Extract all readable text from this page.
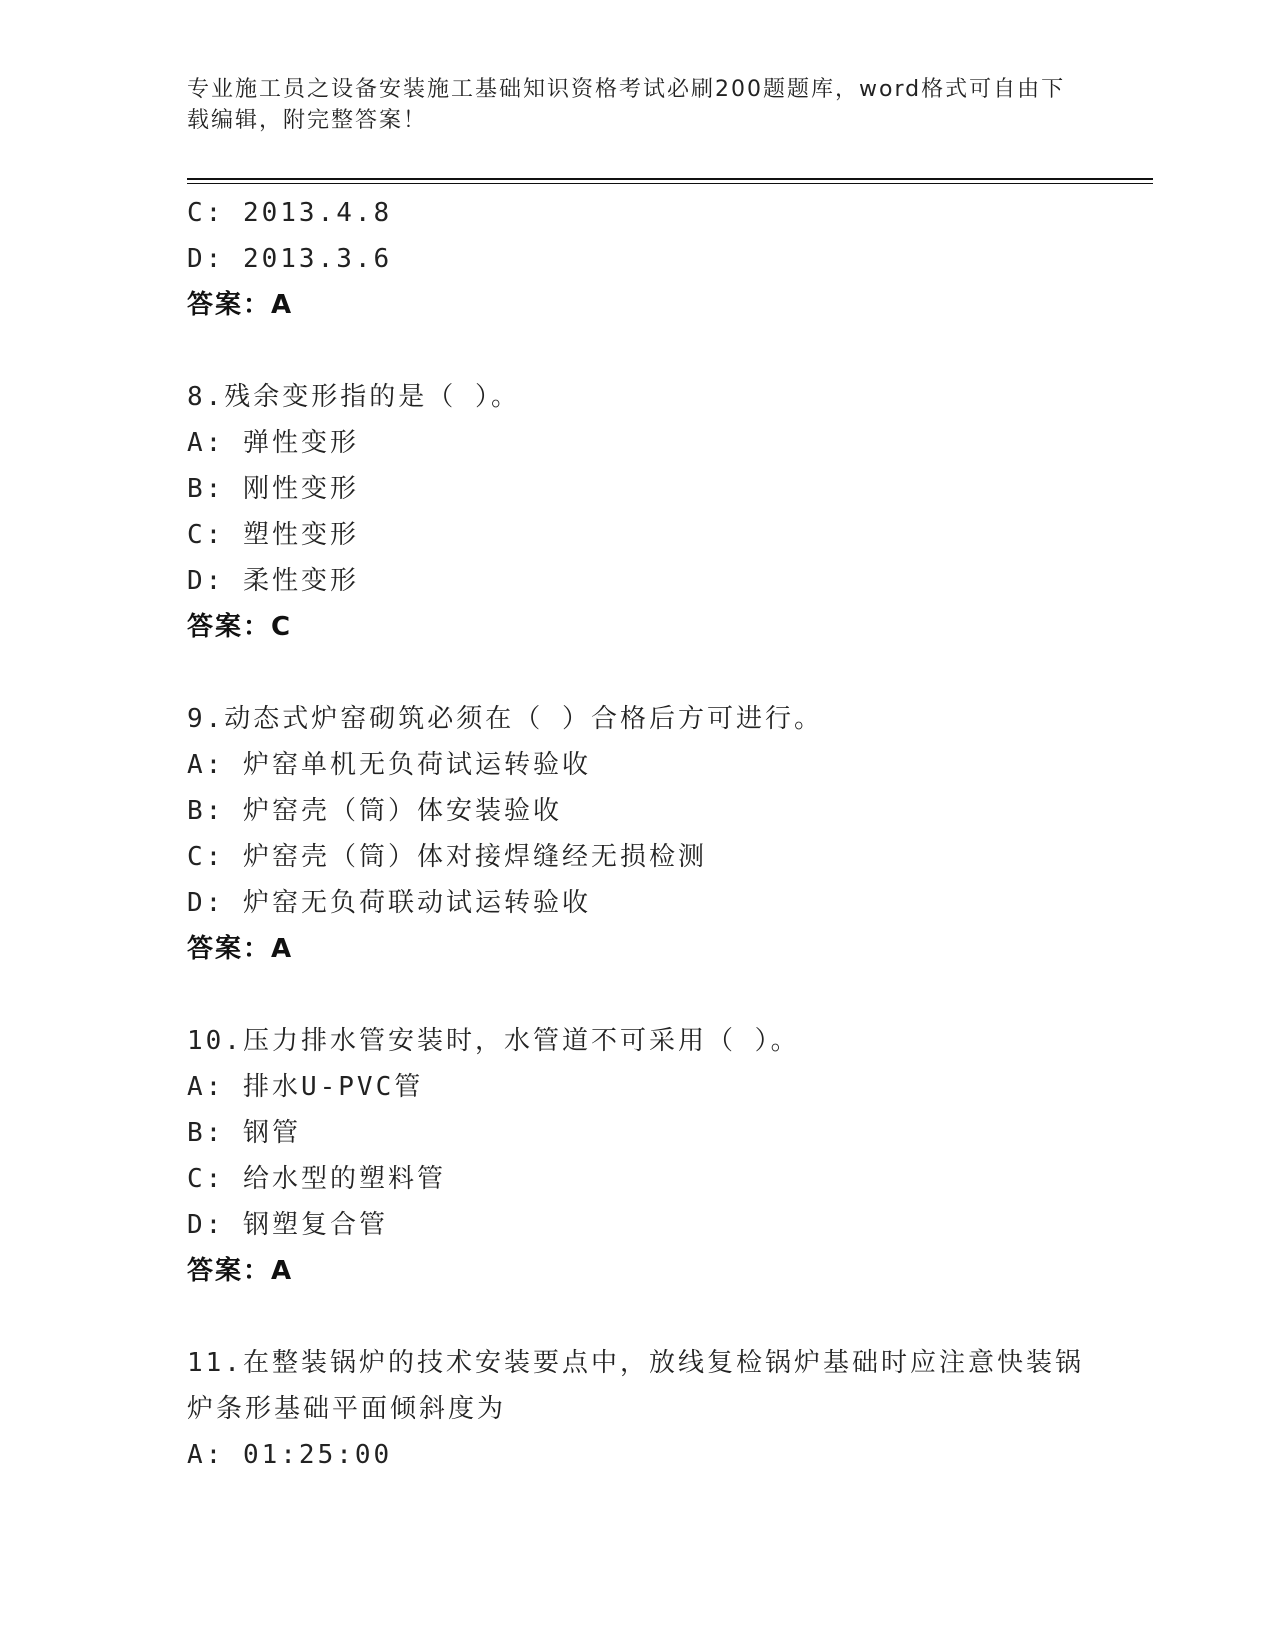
专业施工员之设备安装施工基础知识资格考试必刷200题题库，word格式可自由下载编辑，附完整答案！
C: 2013.4.8
D: 2013.3.6
答案：A
8.残余变形指的是（ ）。
A: 弹性变形
B: 刚性变形
C: 塑性变形
D: 柔性变形
答案：C
9.动态式炉窑砌筑必须在（ ）合格后方可进行。
A: 炉窑单机无负荷试运转验收
B: 炉窑壳（筒）体安装验收
C: 炉窑壳（筒）体对接焊缝经无损检测
D: 炉窑无负荷联动试运转验收
答案：A
10.压力排水管安装时，水管道不可采用（ ）。
A: 排水U-PVC管
B: 钢管
C: 给水型的塑料管
D: 钢塑复合管
答案：A
11.在整装锅炉的技术安装要点中，放线复检锅炉基础时应注意快装锅
炉条形基础平面倾斜度为
A: 01:25:00
